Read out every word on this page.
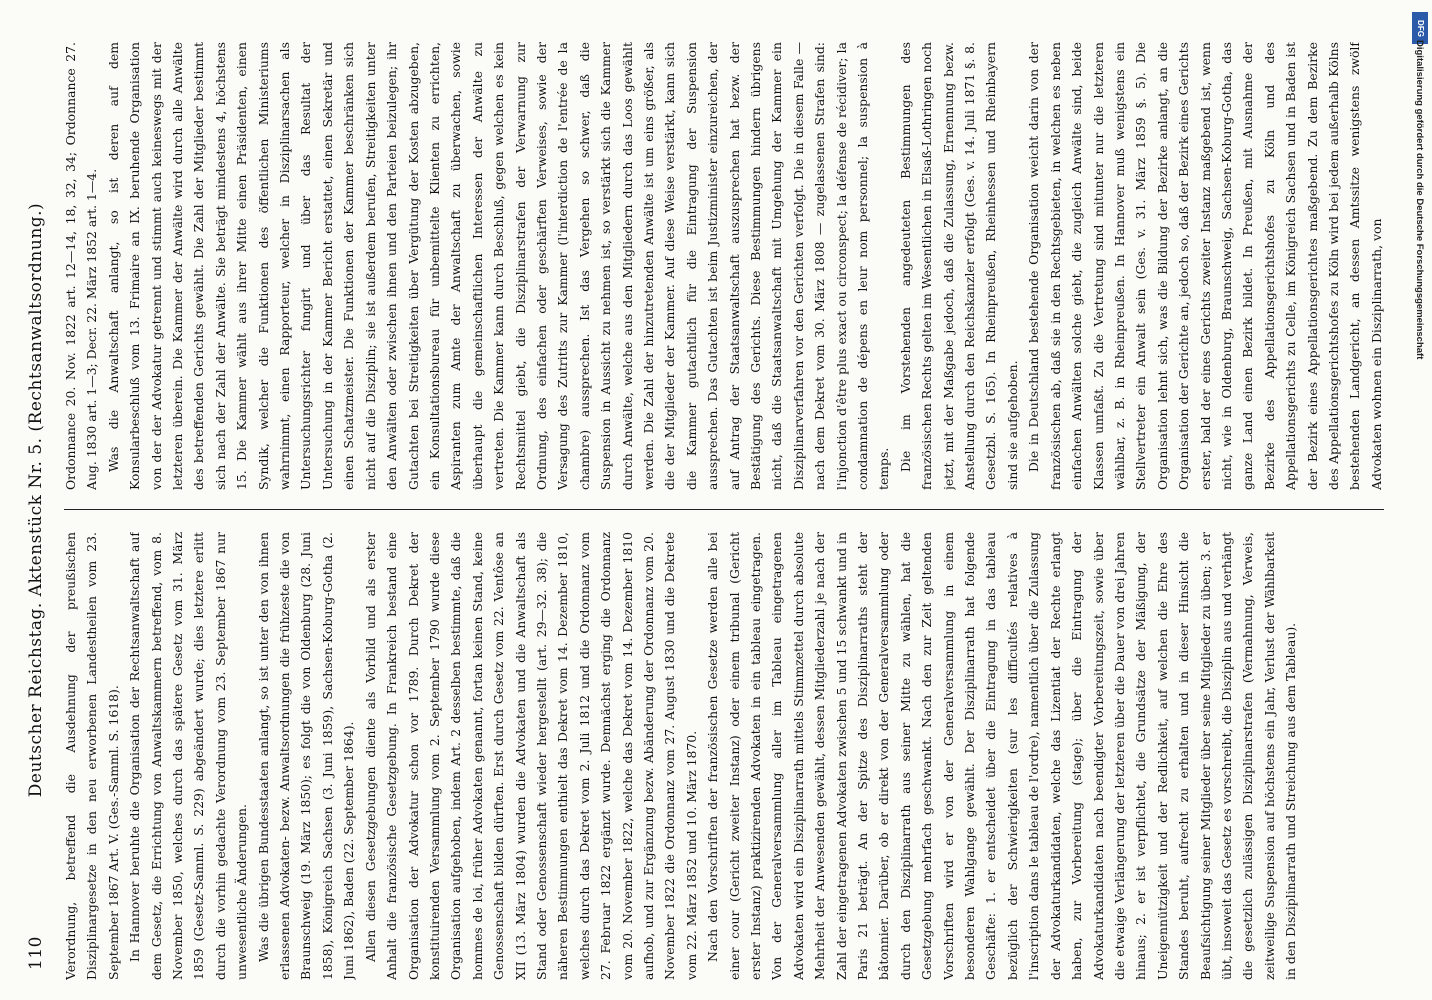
110
Deutscher Reichstag. Aktenstück Nr. 5. (Rechtsanwaltsordnung.) Verordnung, betreffend die Ausdehnung der preußischen Disziplinargesetze in den neu erworbenen Landestheilen vom 23. September 1867 Art. V. (Ges.-Samml. S. 1618). In Hannover beruhte die Organisation der Rechtsanwaltschaft auf dem Gesetz, die Errichtung von Anwaltskammern betreffend, vom 8. November 1850, welches durch das spätere Gesetz vom 31. März 1859 (Gesetz-Samml. S. 229) abgeändert wurde; dies letztere erlitt durch die vorhin gedachte Verordnung vom 23. September 1867 nur unwesentliche Änderungen. Was die übrigen Bundesstaaten anlangt, so ist unter den von ihnen erlassenen Advokaten- bezw. Anwaltsordnungen die frühzeste die von Braunschweig (19. März 1850); es folgt die von Oldenburg (28. Juni 1858), Königreich Sachsen (3. Juni 1859), Sachsen-Koburg-Gotha (2. Juni 1862), Baden (22. September 1864). Allen diesen Gesetzgebungen diente als Vorbild und als erster Anhalt die französische Gesetzgebung. In Frankreich bestand eine Organisation der Advokatur schon vor 1789. Durch Dekret der konstituirenden Versammlung vom 2. September 1790 wurde diese Organisation aufgehoben, indem Art. 2 desselben bestimmte, daß die hommes de loi, früher Advokaten genannt, fortan keinen Stand, keine Genossenschaft bilden dürften. Erst durch Gesetz vom 22. Ventôse an XII (13. März 1804) wurden die Advokaten und die Anwaltschaft als Stand oder Genossenschaft wieder hergestellt (art. 29—32. 38); die näheren Bestimmungen enthielt das Dekret vom 14. Dezember 1810, welches durch das Dekret vom 2. Juli 1812 und die Ordonnanz vom 27. Februar 1822 ergänzt wurde. Demnächst erging die Ordonnanz vom 20. November 1822, welche das Dekret vom 14. Dezember 1810 aufhob, und zur Ergänzung bezw. Abänderung der Ordonnanz vom 20. November 1822 die Ordonnanz vom 27. August 1830 und die Dekrete vom 22. März 1852 und 10. März 1870. Nach den Vorschriften der französischen Gesetze werden alle bei einer cour (Gericht zweiter Instanz) oder einem tribunal (Gericht erster Instanz) praktizirenden Advokaten in ein tableau eingetragen. Von der Generalversammlung aller im Tableau eingetragenen Advokaten wird ein Disziplinarrath mittels Stimmzettel durch absolute Mehrheit der Anwesenden gewählt, dessen Mitgliederzahl je nach der Zahl der eingetragenen Advokaten zwischen 5 und 15 schwankt und in Paris 21 beträgt. An der Spitze des Disziplinarraths steht der bâtonnier. Darüber, ob er direkt von der Generalversammlung oder durch den Disziplinarrath aus seiner Mitte zu wählen, hat die Gesetzgebung mehrfach geschwankt. Nach den zur Zeit geltenden Vorschriften wird er von der Generalversammlung in einem besonderen Wahlgange gewählt. Der Disziplinarrath hat folgende Geschäfte: 1. er entscheidet über die Eintragung in das tableau bezüglich der Schwierigkeiten (sur les difficultés relatives à l'inscription dans le tableau de l'ordre), namentlich über die Zulassung der Advokaturkandidaten, welche das Lizentiat der Rechte erlangt haben, zur Vorbereitung (stage); über die Eintragung der Advokaturkandidaten nach beendigter Vorbereitungszeit, sowie über die etwaige Verlängerung der letzteren über die Dauer von drei Jahren hinaus; 2. er ist verpflichtet, die Grundsätze der Mäßigung, der Uneigennützigkeit und der Redlichkeit, auf welchen die Ehre des Standes beruht, aufrecht zu erhalten und in dieser Hinsicht die Beaufsichtigung seiner Mitglieder über seine Mitglieder zu üben; 3. er übt, insoweit das Gesetz es vorschreibt, die Disziplin aus und verhängt die gesetzlich zulässigen Disziplinarstrafen (Vermahnung, Verweis, zeitweilige Suspension auf höchstens ein Jahr, Verlust der Wählbarkeit in den Disziplinarrath und Streichung aus dem Tableau).

Ordonnance 20. Nov. 1822 art. 12—14, 18, 32, 34; Ordonnance 27. Aug. 1830 art. 1—3; Decr. 22. März 1852 art. 1—4. Was die Anwaltschaft anlangt, so ist deren auf dem Konsularbeschluß vom 13. Frimaire an IX. beruhende Organisation von der der Advokatur getrennt und stimmt auch keineswegs mit der letzteren überein. Die Kammer der Anwälte wird durch alle Anwälte des betreffenden Gerichts gewählt. Die Zahl der Mitglieder bestimmt sich nach der Zahl der Anwälte. Sie beträgt mindestens 4, höchstens 15. Die Kammer wählt aus ihrer Mitte einen Präsidenten, einen Syndik, welcher die Funktionen des öffentlichen Ministeriums wahrnimmt, einen Rapporteur, welcher in Disziplinarsachen als Untersuchungsrichter fungirt und über das Resultat der Untersuchung in der Kammer Bericht erstattet, einen Sekretär und einen Schatzmeister. Die Funktionen der Kammer beschränken sich nicht auf die Disziplin; sie ist außerdem berufen, Streitigkeiten unter den Anwälten oder zwischen ihnen und den Parteien beizulegen; ihr Gutachten bei Streitigkeiten über Vergütung der Kosten abzugeben, ein Konsultationsbureau für unbemittelte Klienten zu errichten, Aspiranten zum Amte der Anwaltschaft zu überwachen, sowie überhaupt die gemeinschaftlichen Interessen der Anwälte zu vertreten. Die Kammer kann durch Beschluß, gegen welchen es kein Rechtsmittel giebt, die Disziplinarstrafen der Verwarnung zur Ordnung, des einfachen oder geschärften Verweises, sowie der Versagung des Zutritts zur Kammer (l'interdiction de l'entrée de la chambre) aussprechen. Ist das Vergehen so schwer, daß die Suspension in Aussicht zu nehmen ist, so verstärkt sich die Kammer durch Anwälte, welche aus den Mitgliedern durch das Loos gewählt werden. Die Zahl der hinzutretenden Anwälte ist um eins größer, als die der Mitglieder der Kammer. Auf diese Weise verstärkt, kann sich die Kammer gutachtlich für die Eintragung der Suspension aussprechen. Das Gutachten ist beim Justizminister einzureichen, der auf Antrag der Staatsanwaltschaft auszusprechen hat bezw. der Bestätigung des Gerichts. Diese Bestimmungen hindern übrigens nicht, daß die Staatsanwaltschaft mit Umgehung der Kammer ein Disziplinarverfahren vor den Gerichten verfolgt. Die in diesem Falle — nach dem Dekret vom 30. März 1808 — zugelassenen Strafen sind: l'injonction d'être plus exact ou circonspect; la défense de récidiver; la condamnation de dépens en leur nom personnel; la suspension à temps. Die im Vorstehenden angedeuteten Bestimmungen des französischen Rechts gelten im Wesentlichen in Elsaß-Lothringen noch jetzt, mit der Maßgabe jedoch, daß die Zulassung, Ernennung bezw. Anstellung durch den Reichskanzler erfolgt (Ges. v. 14. Juli 1871 §. 8. Gesetzbl. S. 165). In Rheinpreußen, Rheinhessen und Rheinbayern sind sie aufgehoben. Die in Deutschland bestehende Organisation weicht darin von der französischen ab, daß sie in den Rechtsgebieten, in welchen es neben einfachen Anwälten solche giebt, die zugleich Anwälte sind, beide Klassen umfaßt. Zu die Vertretung sind mitunter nur die letzteren wählbar, z. B. in Rheinpreußen. In Hannover muß wenigstens ein Stellvertreter ein Anwalt sein (Ges. v. 31. März 1859 §. 5). Die Organisation lehnt sich, was die Bildung der Bezirke anlangt, an die Organisation der Gerichte an, jedoch so, daß der Bezirk eines Gerichts erster, bald der eines Gerichts zweiter Instanz maßgebend ist, wenn nicht, wie in Oldenburg, Braunschweig, Sachsen-Koburg-Gotha, das ganze Land einen Bezirk bildet. In Preußen, mit Ausnahme der Bezirke des Appellationsgerichtshofes zu Köln und des Appellationsgerichts zu Celle, im Königreich Sachsen und in Baden ist der Bezirk eines Appellationsgerichtes maßgebend. Zu dem Bezirke des Appellationsgerichtshofes zu Köln wird bei jedem außerhalb Kölns bestehenden Landgericht, an dessen Amtssitze wenigstens zwölf Advokaten wohnen ein Disziplinarrath, von

DFG
Digitalisierung gefördert durch die Deutsche Forschungsgemeinschaft
